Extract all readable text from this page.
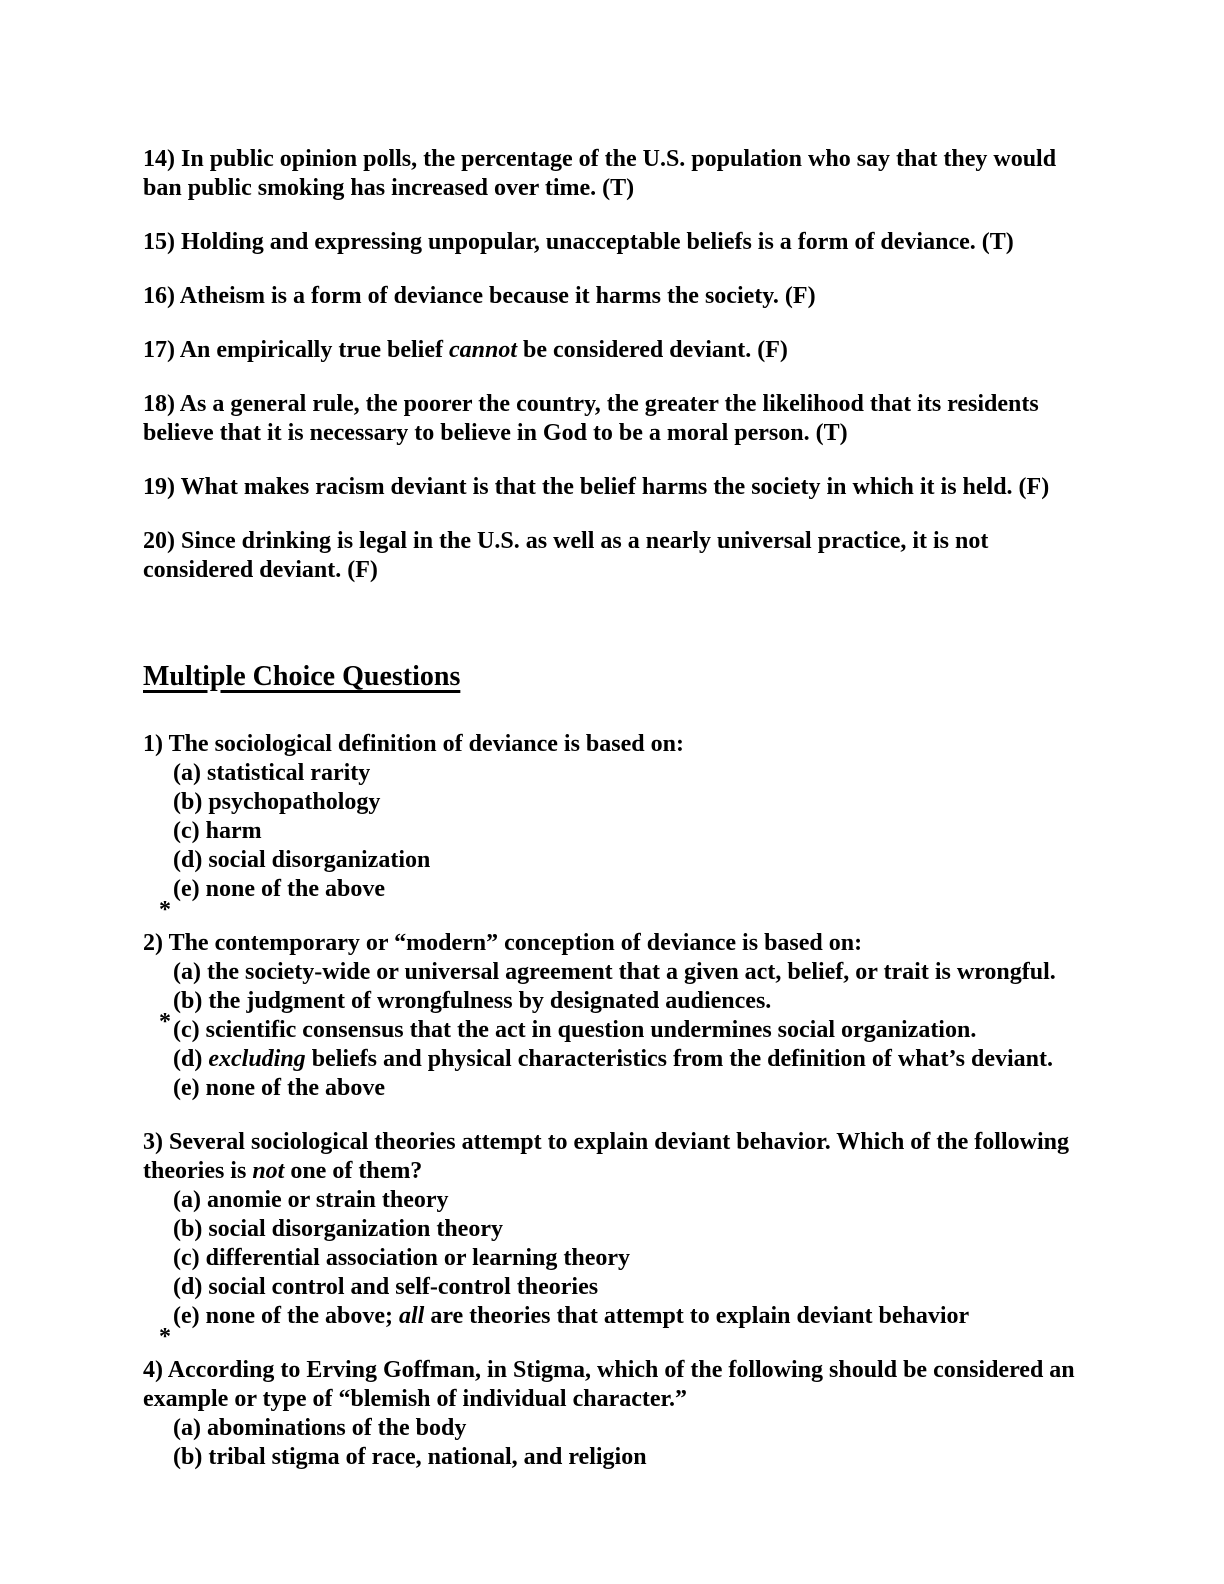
14) In public opinion polls, the percentage of the U.S. population who say that they would
ban public smoking has increased over time. (T)
15) Holding and expressing unpopular, unacceptable beliefs is a form of deviance. (T)
16) Atheism is a form of deviance because it harms the society. (F)
17) An empirically true belief cannot be considered deviant. (F)
18) As a general rule, the poorer the country, the greater the likelihood that its residents
believe that it is necessary to believe in God to be a moral person. (T)
19) What makes racism deviant is that the belief harms the society in which it is held. (F)
20) Since drinking is legal in the U.S. as well as a nearly universal practice, it is not
considered deviant. (F)
Multiple Choice Questions
1) The sociological definition of deviance is based on:
(a) statistical rarity
(b) psychopathology
(c) harm
(d) social disorganization
*
(e) none of the above
2) The contemporary or “modern” conception of deviance is based on:
(a) the society-wide or universal agreement that a given act, belief, or trait is wrongful.
*
(b) the judgment of wrongfulness by designated audiences.
(c) scientific consensus that the act in question undermines social organization.
(d) excluding beliefs and physical characteristics from the definition of what’s deviant.
(e) none of the above
3) Several sociological theories attempt to explain deviant behavior. Which of the following
theories is not one of them?
(a) anomie or strain theory
(b) social disorganization theory
(c) differential association or learning theory
(d) social control and self-control theories
*
(e) none of the above; all are theories that attempt to explain deviant behavior
4) According to Erving Goffman, in Stigma, which of the following should be considered an
example or type of “blemish of individual character.”
(a) abominations of the body
(b) tribal stigma of race, national, and religion
